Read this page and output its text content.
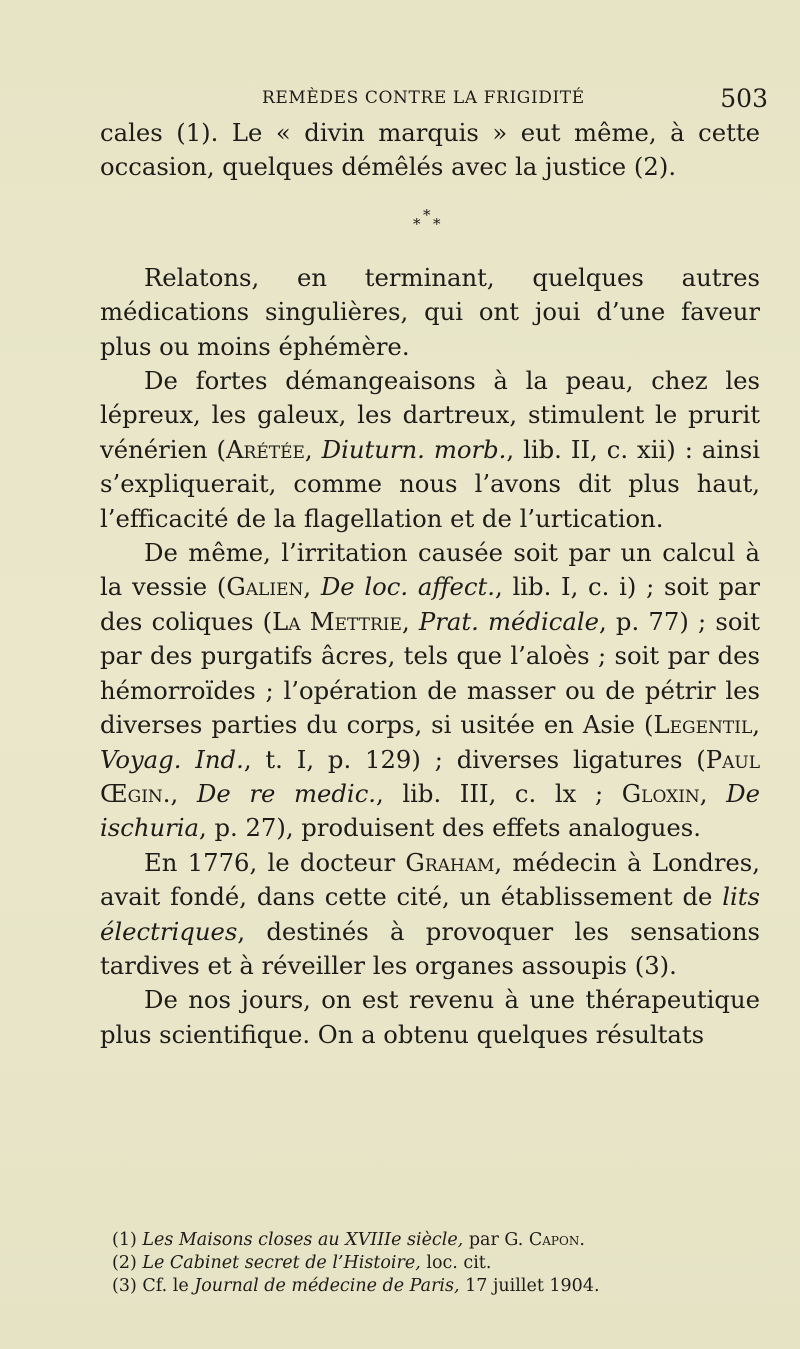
REMÈDES CONTRE LA FRIGIDITÉ	503

cales (1). Le « divin marquis » eut même, à cette occasion, quelques démêlés avec la justice (2).

*
* *

Relatons, en terminant, quelques autres médications singulières, qui ont joui d’une faveur plus ou moins éphémère.

De fortes démangeaisons à la peau, chez les lépreux, les galeux, les dartreux, stimulent le prurit vénérien (Arétée, Diuturn. morb., lib. II, c. xii) : ainsi s’expliquerait, comme nous l’avons dit plus haut, l’efficacité de la flagellation et de l’urtication.

De même, l’irritation causée soit par un calcul à la vessie (Galien, De loc. affect., lib. I, c. i) ; soit par des coliques (La Mettrie, Prat. médicale, p. 77) ; soit par des purgatifs âcres, tels que l’aloès ; soit par des hémorroïdes ; l’opération de masser ou de pétrir les diverses parties du corps, si usitée en Asie (Legentil, Voyag. Ind., t. I, p. 129) ; diverses ligatures (Paul Œgin., De re medic., lib. III, c. lx ; Gloxin, De ischuria, p. 27), produisent des effets analogues.

En 1776, le docteur Graham, médecin à Londres, avait fondé, dans cette cité, un établissement de lits électriques, destinés à provoquer les sensations tardives et à réveiller les organes assoupis (3).

De nos jours, on est revenu à une thérapeutique plus scientifique. On a obtenu quelques résultats

(1) Les Maisons closes au XVIIIe siècle, par G. Capon.
(2) Le Cabinet secret de l’Histoire, loc. cit.
(3) Cf. le Journal de médecine de Paris, 17 juillet 1904.
